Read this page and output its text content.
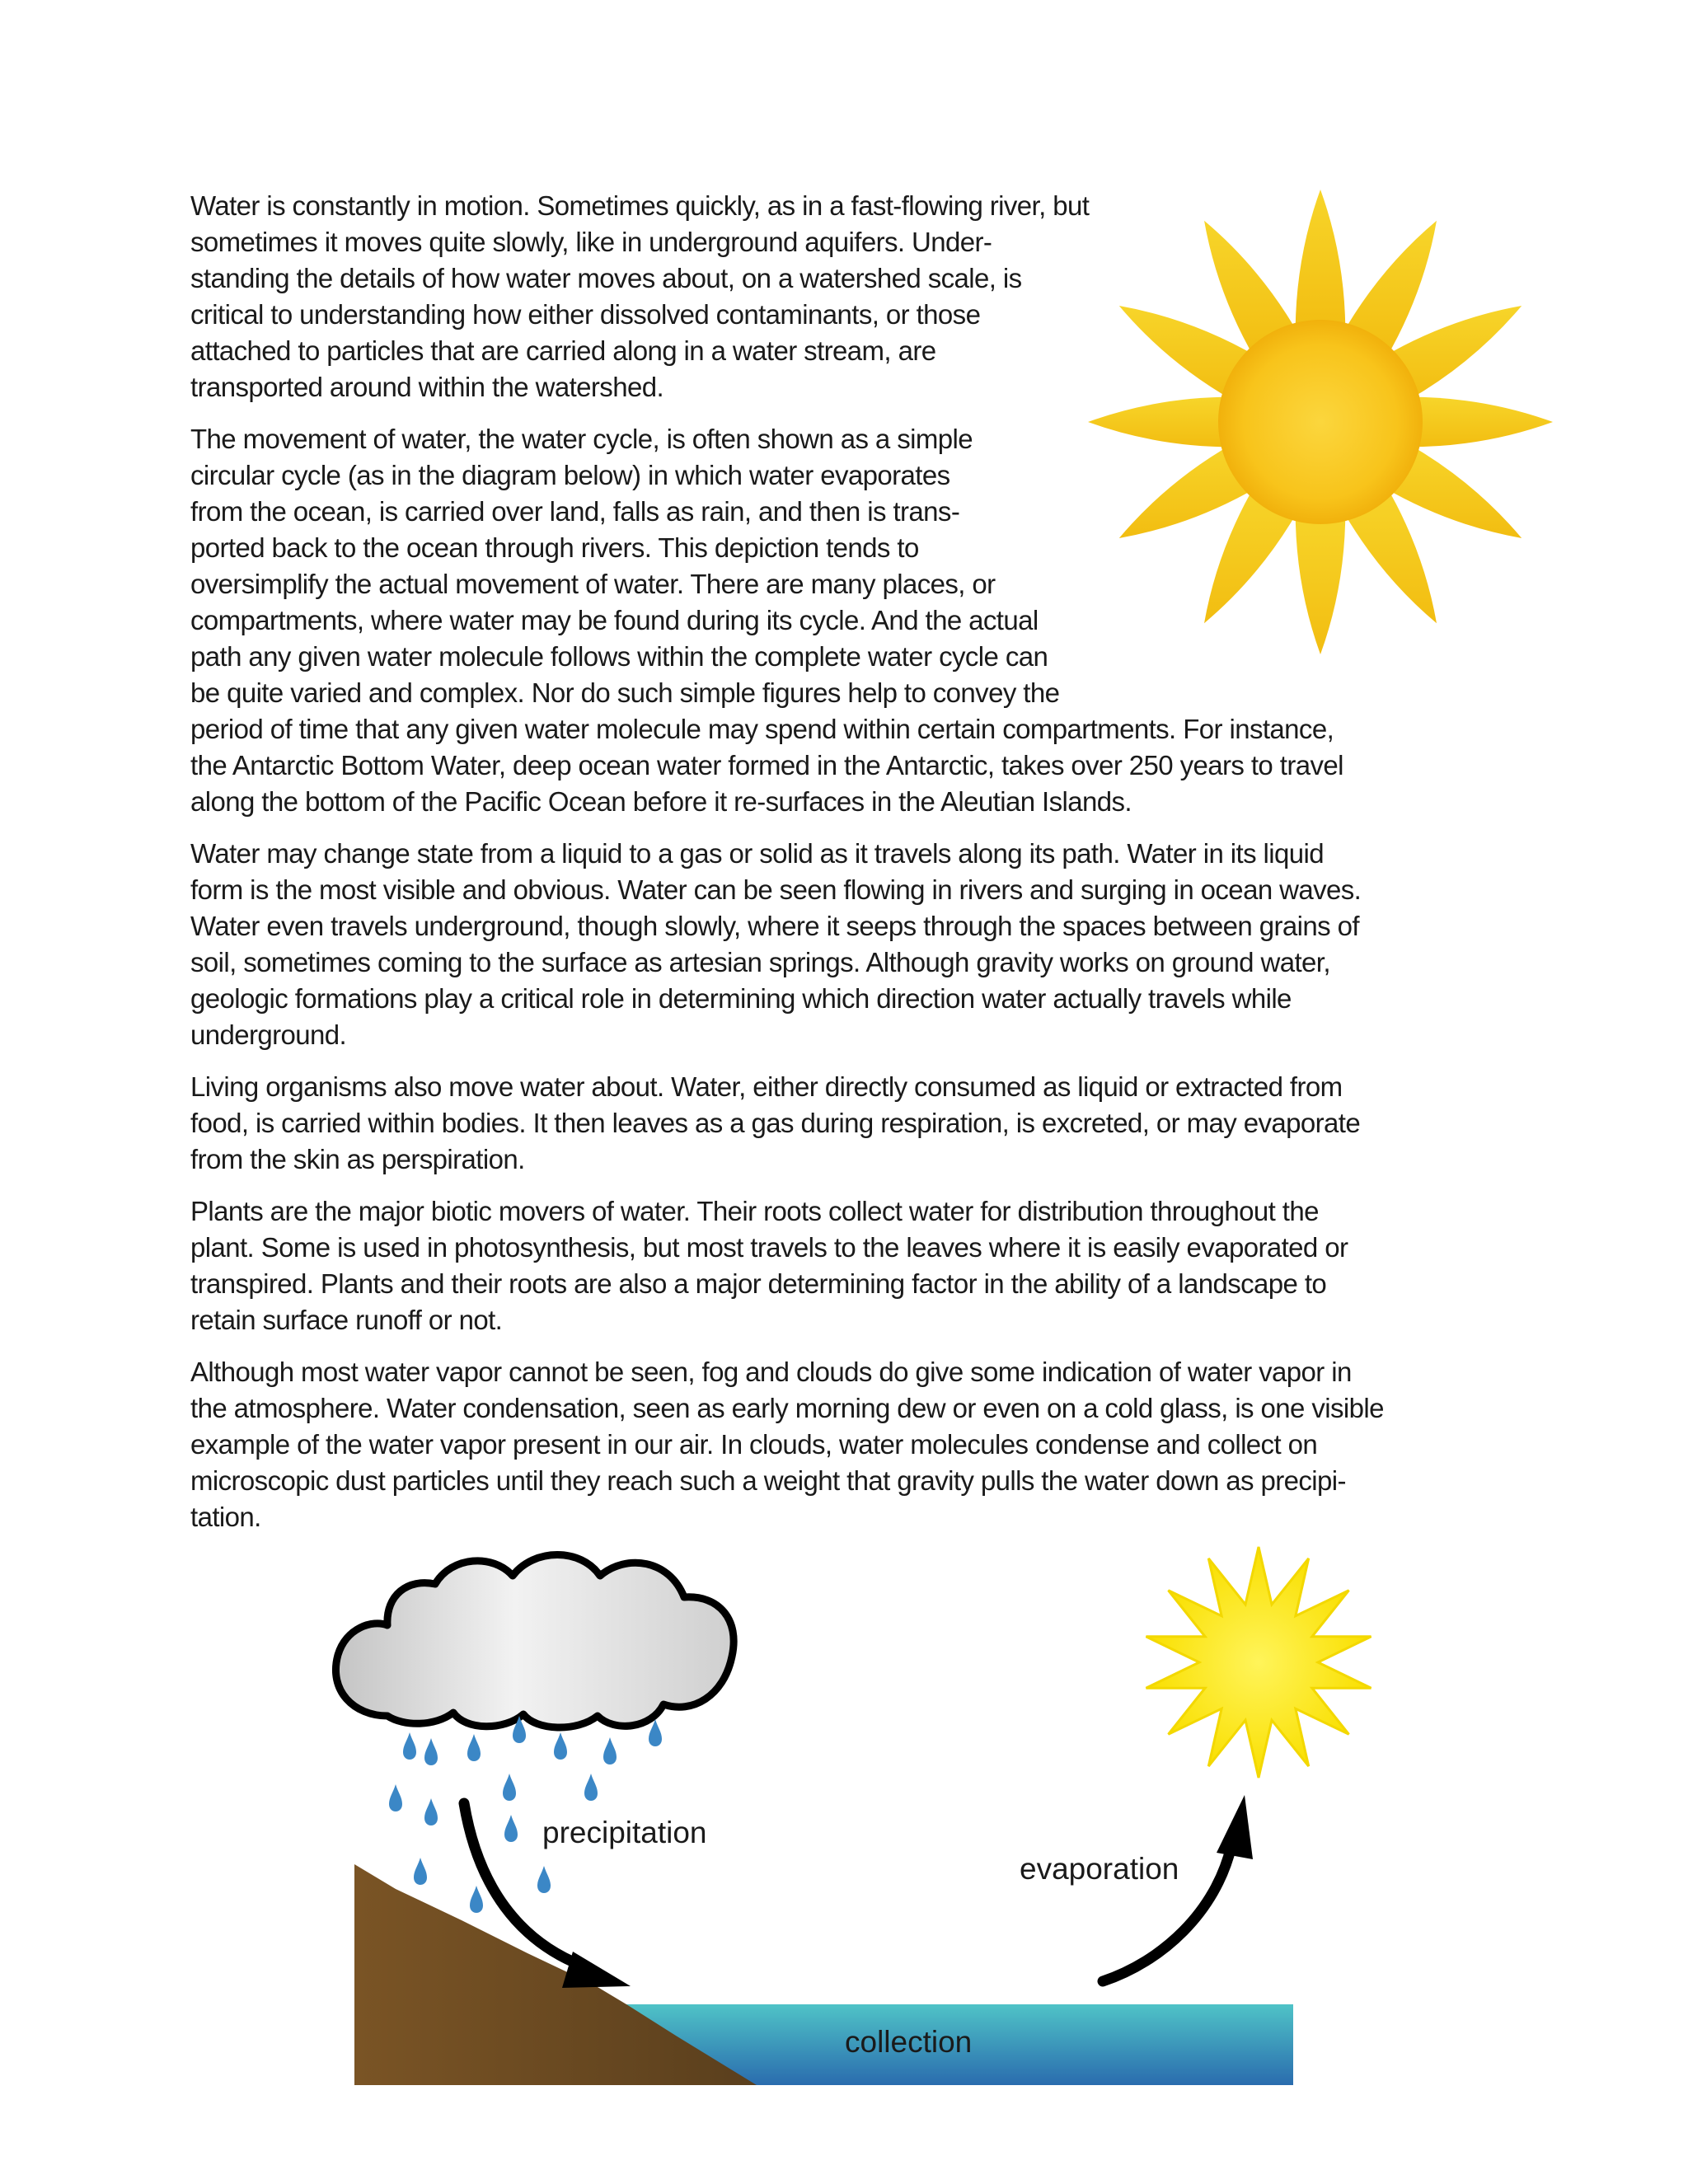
Water is constantly in motion. Sometimes quickly, as in a fast-flowing river, but
sometimes it moves quite slowly, like in underground aquifers. Under-
standing the details of how water moves about, on a watershed scale, is
critical to understanding how either dissolved contaminants, or those
attached to particles that are carried along in a water stream, are
transported around within the watershed.

The movement of water, the water cycle, is often shown as a simple
circular cycle (as in the diagram below) in which water evaporates
from the ocean, is carried over land, falls as rain, and then is trans-
ported back to the ocean through rivers. This depiction tends to
oversimplify the actual movement of water. There are many places, or
compartments, where water may be found during its cycle. And the actual
path any given water molecule follows within the complete water cycle can
be quite varied and complex. Nor do such simple figures help to convey the
period of time that any given water molecule may spend within certain compartments. For instance,
the Antarctic Bottom Water, deep ocean water formed in the Antarctic, takes over 250 years to travel
along the bottom of the Pacific Ocean before it re-surfaces in the Aleutian Islands.

Water may change state from a liquid to a gas or solid as it travels along its path. Water in its liquid
form is the most visible and obvious. Water can be seen flowing in rivers and surging in ocean waves.
Water even travels underground, though slowly, where it seeps through the spaces between grains of
soil, sometimes coming to the surface as artesian springs. Although gravity works on ground water,
geologic formations play a critical role in determining which direction water actually travels while
underground.

Living organisms also move water about. Water, either directly consumed as liquid or extracted from
food, is carried within bodies. It then leaves as a gas during respiration, is excreted, or may evaporate
from the skin as perspiration.

Plants are the major biotic movers of water. Their roots collect water for distribution throughout the
plant. Some is used in photosynthesis, but most travels to the leaves where it is easily evaporated or
transpired. Plants and their roots are also a major determining factor in the ability of a landscape to
retain surface runoff or not.

Although most water vapor cannot be seen, fog and clouds do give some indication of water vapor in
the atmosphere. Water condensation, seen as early morning dew or even on a cold glass, is one visible
example of the water vapor present in our air. In clouds, water molecules condense and collect on
microscopic dust particles until they reach such a weight that gravity pulls the water down as precipi-
tation.

precipitation
evaporation
collection
